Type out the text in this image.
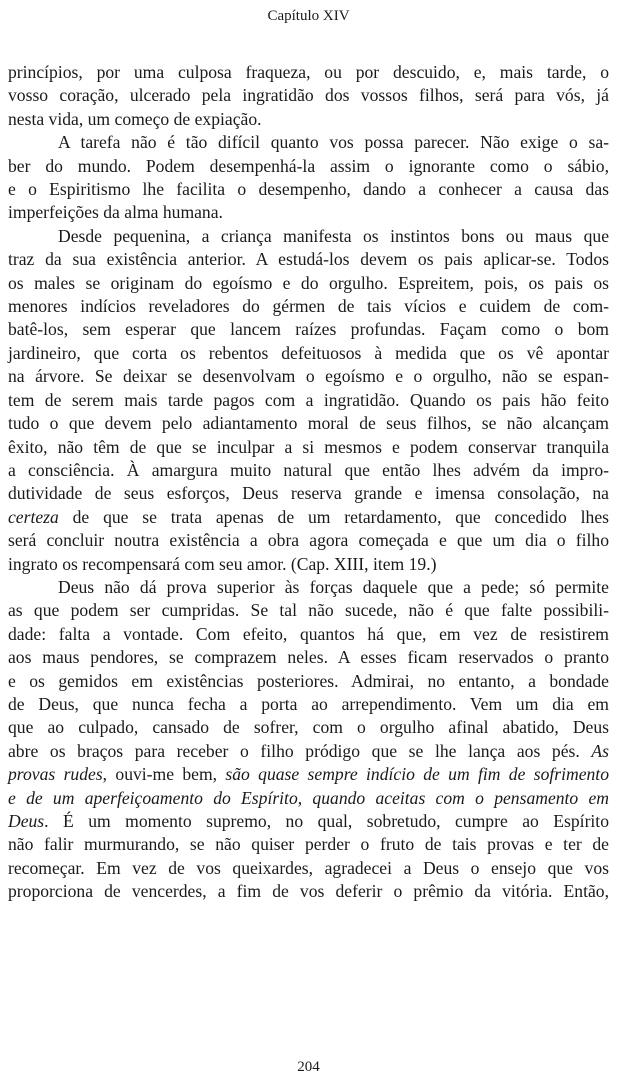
Capítulo XIV

princípios, por uma culposa fraqueza, ou por descuido, e, mais tarde, o
vosso coração, ulcerado pela ingratidão dos vossos filhos, será para vós, já
nesta vida, um começo de expiação.

A tarefa não é tão difícil quanto vos possa parecer. Não exige o sa-
ber do mundo. Podem desempenhá-la assim o ignorante como o sábio,
e o Espiritismo lhe facilita o desempenho, dando a conhecer a causa das
imperfeições da alma humana.

Desde pequenina, a criança manifesta os instintos bons ou maus que
traz da sua existência anterior. A estudá-los devem os pais aplicar-se. Todos
os males se originam do egoísmo e do orgulho. Espreitem, pois, os pais os
menores indícios reveladores do gérmen de tais vícios e cuidem de com-
batê-los, sem esperar que lancem raízes profundas. Façam como o bom
jardineiro, que corta os rebentos defeituosos à medida que os vê apontar
na árvore. Se deixar se desenvolvam o egoísmo e o orgulho, não se espan-
tem de serem mais tarde pagos com a ingratidão. Quando os pais hão feito
tudo o que devem pelo adiantamento moral de seus filhos, se não alcançam
êxito, não têm de que se inculpar a si mesmos e podem conservar tranquila
a consciência. À amargura muito natural que então lhes advém da impro-
dutividade de seus esforços, Deus reserva grande e imensa consolação, na
certeza de que se trata apenas de um retardamento, que concedido lhes
será concluir noutra existência a obra agora começada e que um dia o filho
ingrato os recompensará com seu amor. (Cap. XIII, item 19.)

Deus não dá prova superior às forças daquele que a pede; só permite
as que podem ser cumpridas. Se tal não sucede, não é que falte possibili-
dade: falta a vontade. Com efeito, quantos há que, em vez de resistirem
aos maus pendores, se comprazem neles. A esses ficam reservados o pranto
e os gemidos em existências posteriores. Admirai, no entanto, a bondade
de Deus, que nunca fecha a porta ao arrependimento. Vem um dia em
que ao culpado, cansado de sofrer, com o orgulho afinal abatido, Deus
abre os braços para receber o filho pródigo que se lhe lança aos pés. As
provas rudes, ouvi-me bem, são quase sempre indício de um fim de sofrimento
e de um aperfeiçoamento do Espírito, quando aceitas com o pensamento em
Deus. É um momento supremo, no qual, sobretudo, cumpre ao Espírito
não falir murmurando, se não quiser perder o fruto de tais provas e ter de
recomeçar. Em vez de vos queixardes, agradecei a Deus o ensejo que vos
proporciona de vencerdes, a fim de vos deferir o prêmio da vitória. Então,

204
